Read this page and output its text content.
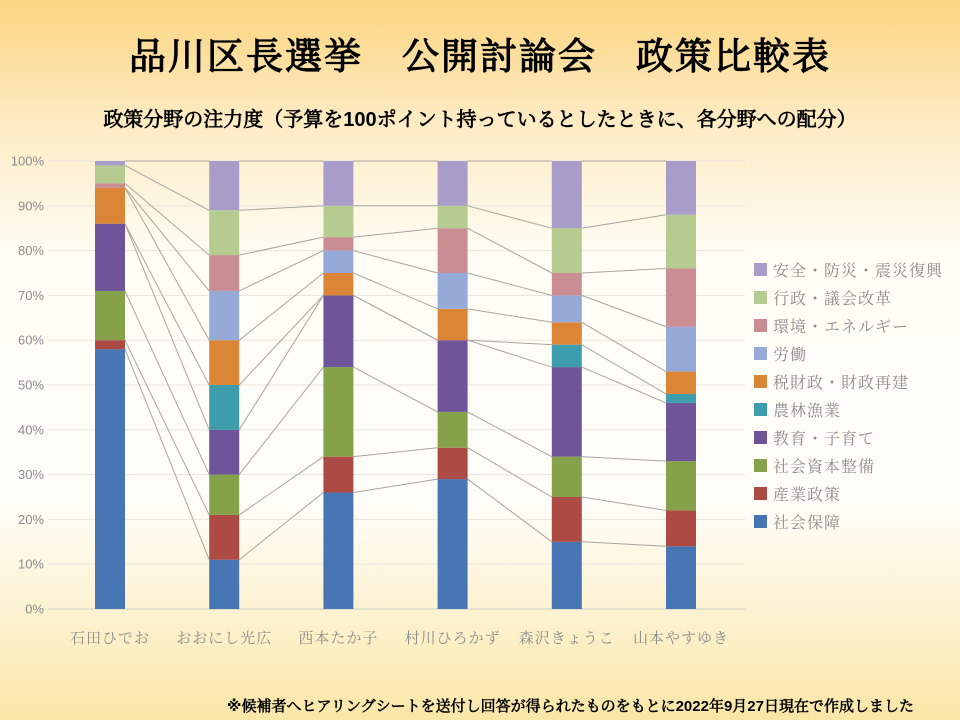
品川区長選挙　公開討論会　政策比較表
政策分野の注力度（予算を100ポイント持っているとしたときに、各分野への配分）
0%
10%
20%
30%
40%
50%
60%
70%
80%
90%
100%
石田ひでお おおにし光広 西本たか子 村川ひろかず 森沢きょうこ 山本やすゆき
安全・防災・震災復興
行政・議会改革
環境・エネルギー
労働
税財政・財政再建
農林漁業
教育・子育て
社会資本整備
産業政策
社会保障
※候補者へヒアリングシートを送付し回答が得られたものをもとに2022年9月27日現在で作成しました
